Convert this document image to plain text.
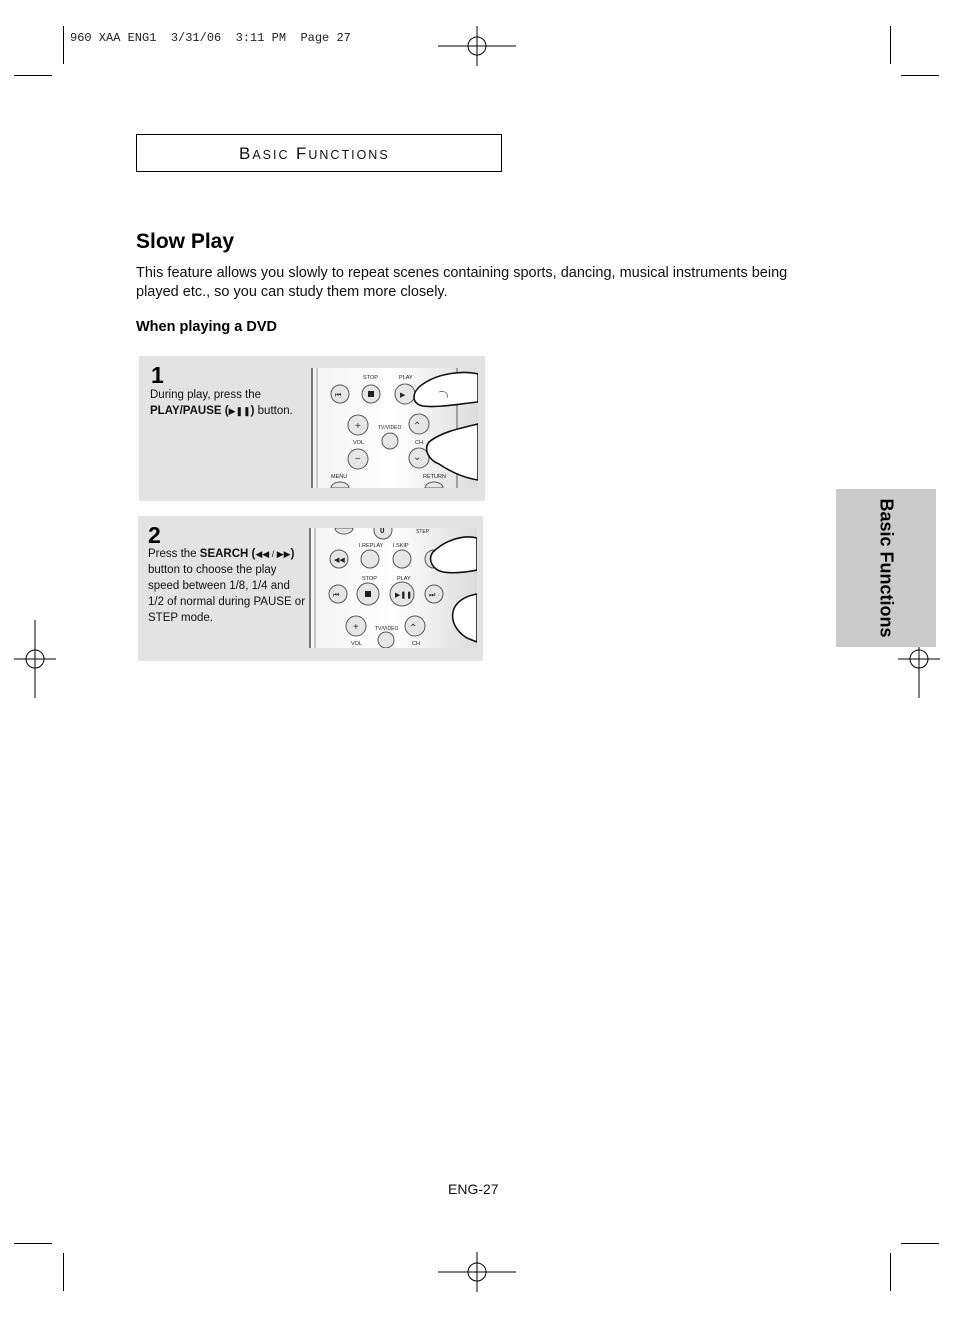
960 XAA ENG1  3/31/06  3:11 PM  Page 27
BASIC FUNCTIONS
Slow Play
This feature allows you slowly to repeat scenes containing sports, dancing, musical instruments being played etc., so you can study them more closely.
When playing a DVD
1
During play, press the
PLAY/PAUSE (▶❚❚) button.
⏮
STOP
▶
PLAY
+	TV/VIDEO ⌃
VOL	CH
−	⌄
MENU	RETURN
2
Press the SEARCH (◀◀ / ▶▶)
button to choose the play speed between 1/8, 1/4 and 1/2 of normal during PAUSE or STEP mode.
0	STEP
I.REPLAY I.SKIP
◀◀
STOP	PLAY
⏮	▶❚❚ ⏭
+	TV/VIDEO ⌃
VOL	CH
Basic Functions
ENG-27
